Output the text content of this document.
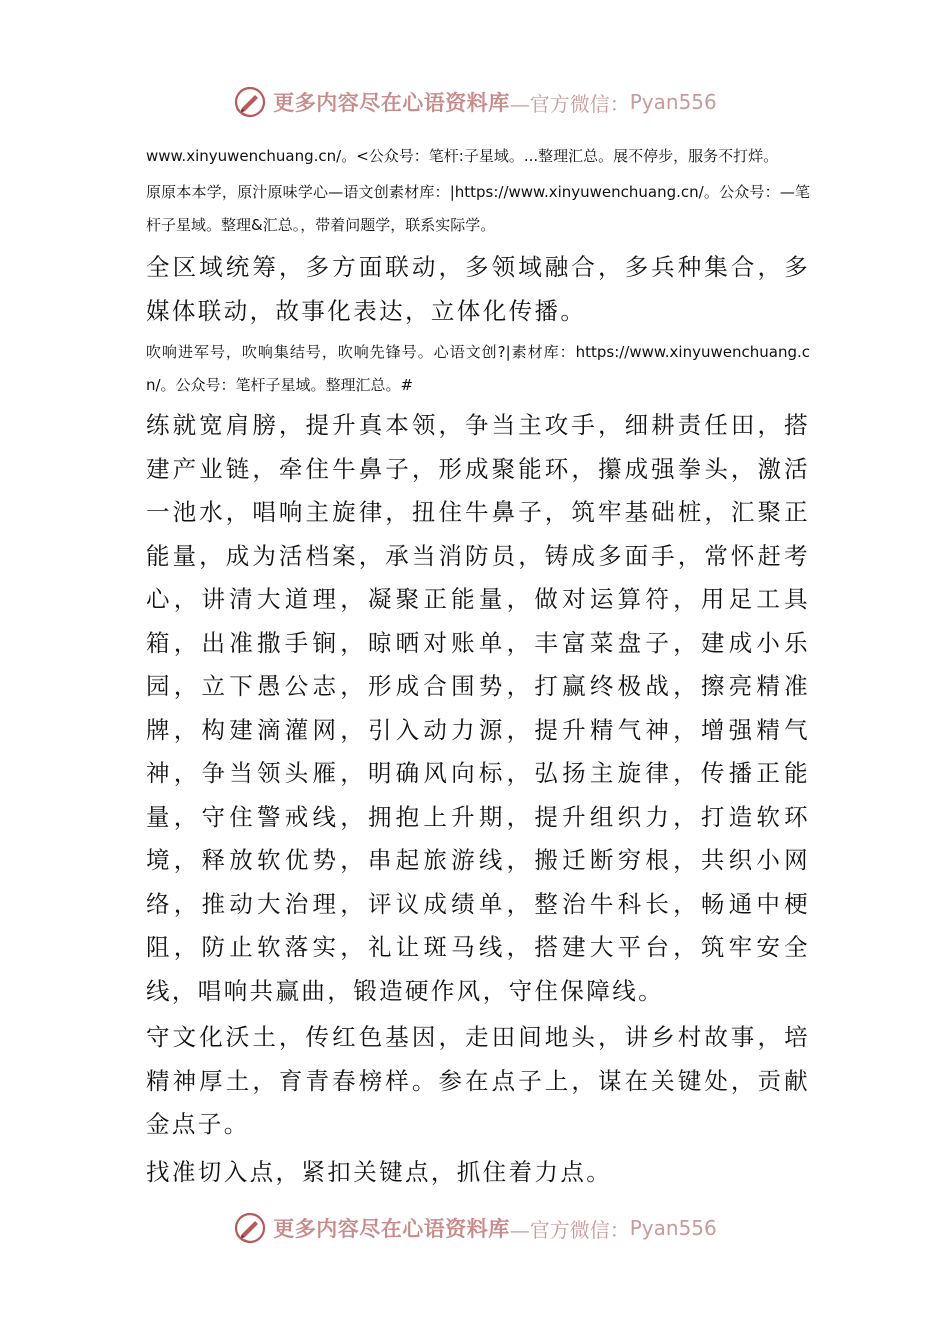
更多内容尽在心语资料库 —官方微信： Pyan556

www.xinyuwenchuang.cn/。<公众号：笔杆:子星域。...整理汇总。展不停步，服务不打烊。

原原本本学，原汁原味学心—语文创素材库：|https://www.xinyuwenchuang.cn/。公众号：—笔杆子星域。整理&汇总。，带着问题学，联系实际学。

全区域统筹，多方面联动，多领域融合，多兵种集合，多媒体联动，故事化表达，立体化传播。

吹响进军号，吹响集结号，吹响先锋号。心语文创?|素材库：https://www.xinyuwenchuang.cn/。公众号：笔杆子星域。整理汇总。#

练就宽肩膀，提升真本领，争当主攻手，细耕责任田，搭建产业链，牵住牛鼻子，形成聚能环，攥成强拳头，激活一池水，唱响主旋律，扭住牛鼻子，筑牢基础桩，汇聚正能量，成为活档案，承当消防员，铸成多面手，常怀赶考心，讲清大道理，凝聚正能量，做对运算符，用足工具箱，出准撒手锏，晾晒对账单，丰富菜盘子，建成小乐园，立下愚公志，形成合围势，打赢终极战，擦亮精准牌，构建滴灌网，引入动力源，提升精气神，增强精气神，争当领头雁，明确风向标，弘扬主旋律，传播正能量，守住警戒线，拥抱上升期，提升组织力，打造软环境，释放软优势，串起旅游线，搬迁断穷根，共织小网络，推动大治理，评议成绩单，整治牛科长，畅通中梗阻，防止软落实，礼让斑马线，搭建大平台，筑牢安全线，唱响共赢曲，锻造硬作风，守住保障线。

守文化沃土，传红色基因，走田间地头，讲乡村故事，培精神厚土，育青春榜样。参在点子上，谋在关键处，贡献金点子。

找准切入点，紧扣关键点，抓住着力点。

更多内容尽在心语资料库 —官方微信： Pyan556
